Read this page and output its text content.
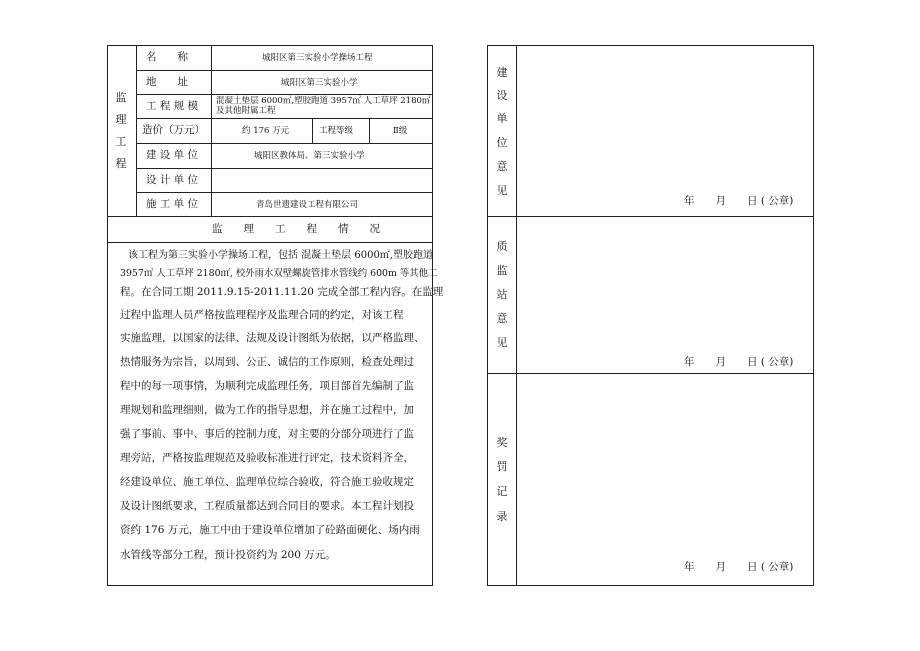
监
理
工
程
名　　称
地　　址
工 程 规 模
造价（万元）
建 设 单 位
设 计 单 位
施 工 单 位
城阳区第三实验小学操场工程
城阳区第三实验小学
混凝土垫层 6000㎡,塑胶跑道 3957㎡ 人工草坪 2180㎡
及其他附属工程
约 176 万元	工程等级	Ⅱ级
城阳区教体局、第三实验小学
青岛世遗建设工程有限公司
监　　理　　工　　程　　情　　况
该工程为第三实验小学操场工程，包括 混凝土垫层 6000㎡,塑胶跑道
3957㎡ 人工草坪 2180㎡, 校外雨水双壁螺旋管排水管线约 600m 等其他工
程。在合同工期 2011.9.15-2011.11.20 完成全部工程内容。在监理
过程中监理人员严格按监理程序及监理合同的约定，对该工程
实施监理，以国家的法律、法规及设计图纸为依据，以严格监理、
热情服务为宗旨，以周到、公正、诚信的工作原则，检查处理过
程中的每一项事情，为顺利完成监理任务，项目部首先编制了监
理规划和监理细则，做为工作的指导思想，并在施工过程中，加
强了事前、事中、事后的控制力度，对主要的分部分项进行了监
理旁站，严格按监理规范及验收标准进行评定，技术资料齐全，
经建设单位、施工单位、监理单位综合验收，符合施工验收规定
及设计图纸要求，工程质量都达到合同目的要求。本工程计划投
资约 176 万元，施工中由于建设单位增加了砼路面硬化、场内雨
水管线等部分工程，预计投资约为 200 万元。
建
设
单
位
意
见
年　　月　　日 ( 公章)
质
监
站
意
见
年　　月　　日 ( 公章)
奖
罚
记
录
年　　月　　日 ( 公章)
